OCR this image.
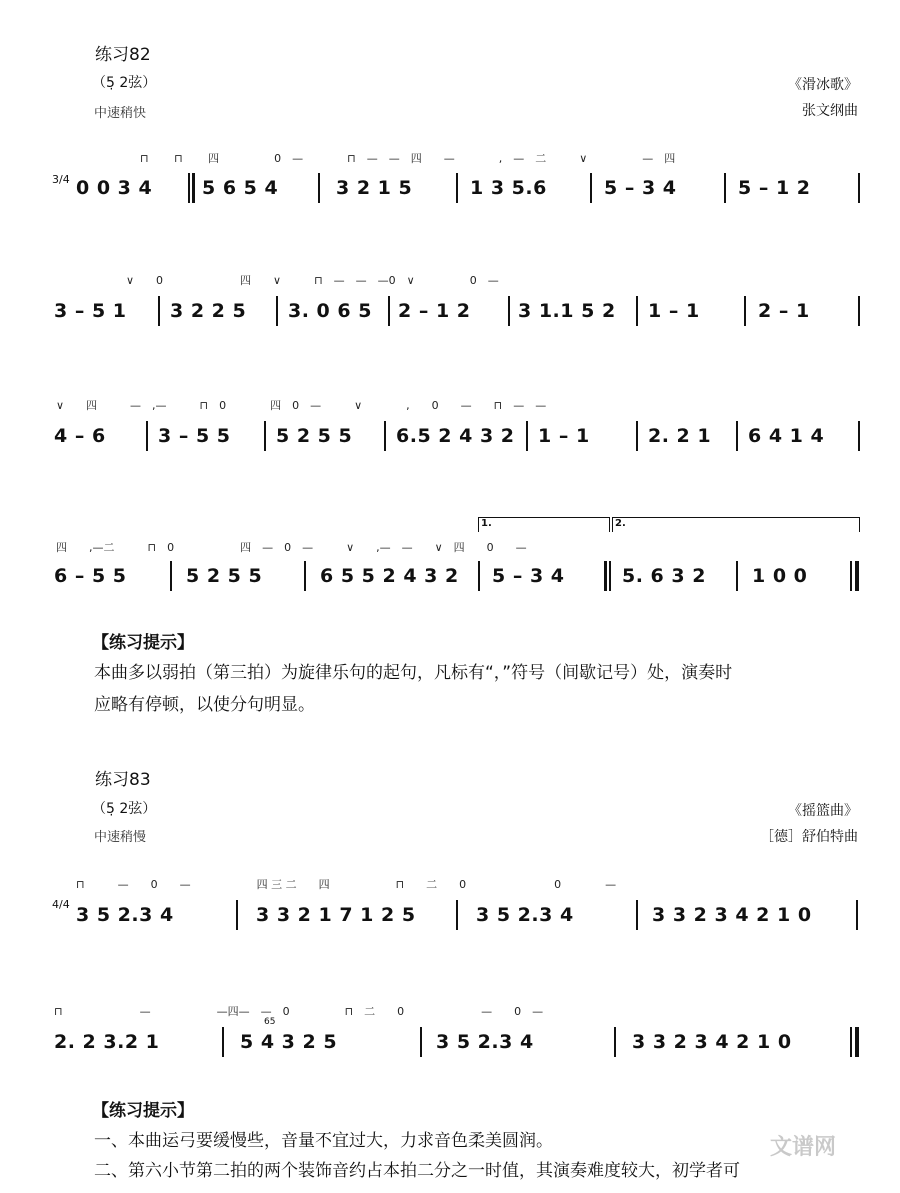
练习82
（5̣ 2弦）
中速稍快
《滑冰歌》
张文纲曲
⊓ 　　⊓ 　　四　　　　　0　—　　　　⊓　—　—　四　　—　　　　,　—　二　　　∨　　　　　—　四
3/4 0 0 3 4	5 6 5 4	3 2 1 5	1 3 5.6	5 – 3 4	5 – 1 2
　　　　　　∨　　0　　　　　　　四　　∨　　　⊓　—　—　—0　∨　　　　　0　—
3 – 5 1 3 2 2 5 3. 0 6 5 2 – 1 2 3 1.1 5 2 1 – 1	2 – 1
∨　　四　　　—　,—　　　⊓　0　　　　四　0　—　　　∨　　　　,　　0　　—　　⊓　—　—
4 – 6	3 – 5 5 5 2 5 5 6.5 2 4 3 2 1 – 1	2. 2 1 6 4 1 4
1.	2.
四　　,—二　　　⊓　0　　　　　　四　—　0　—　　　∨　　,—　—　　∨　四　　0　　—
6 – 5 5	5 2 5 5	6 5 5 2 4 3 2 5 – 3 4	5. 6 3 2 1 0 0
【练习提示】
本曲多以弱拍（第三拍）为旋律乐句的起句，凡标有“，”符号（间歇记号）处，演奏时
应略有停顿，以使分句明显。
练习83
（5̣ 2弦）
中速稍慢
《摇篮曲》
［德］舒伯特曲
⊓　　　—　　0　　—　　　　　　四 三 二　　四　　　　　　⊓　　二　　0　　　　　　　　0　　　　—
4/4 3 5 2.3 4	3 3 2 1 7 1 2 5	3 5 2.3 4	3 3 2 3 4 2 1 0
⊓　　　　　　　—　　　　　　—四—　—　0　　　　　⊓　二　　0　　　　　　　—　　0　—
65
2. 2 3.2 1	5 4 3 2 5	3 5 2.3 4	3 3 2 3 4 2 1 0
【练习提示】
一、本曲运弓要缓慢些，音量不宜过大，力求音色柔美圆润。
二、第六小节第二拍的两个装饰音约占本拍二分之一时值，其演奏难度较大，初学者可
文谱网
